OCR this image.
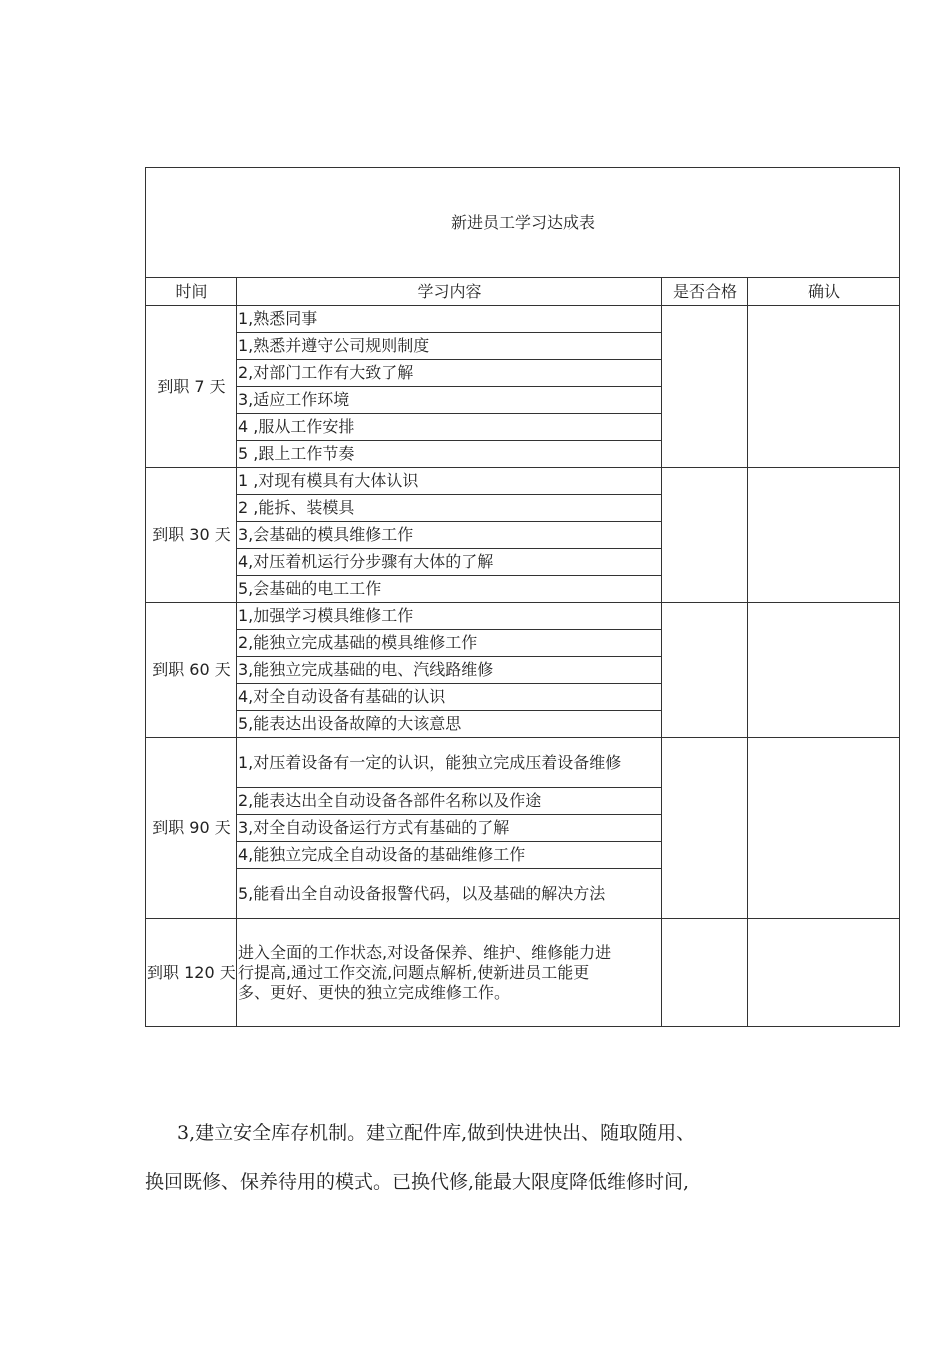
新进员工学习达成表			
时间	学习内容	是否合格	确认
到职 7 天	1,熟悉同事		
	1,熟悉并遵守公司规则制度		
	2,对部门工作有大致了解		
	3,适应工作环境		
	4 ,服从工作安排		
	5 ,跟上工作节奏		
到职 30 天	1 ,对现有模具有大体认识		
	2 ,能拆、装模具		
	3,会基础的模具维修工作		
	4,对压着机运行分步骤有大体的了解		
	5,会基础的电工工作		
到职 60 天	1,加强学习模具维修工作		
	2,能独立完成基础的模具维修工作		
	3,能独立完成基础的电、汽线路维修		
	4,对全自动设备有基础的认识		
	5,能表达出设备故障的大该意思		
到职 90 天	1,对压着设备有一定的认识，能独立完成压着设备维修		
	2,能表达出全自动设备各部件名称以及作途		
	3,对全自动设备运行方式有基础的了解		
	4,能独立完成全自动设备的基础维修工作		
	5,能看出全自动设备报警代码，以及基础的解决方法		
到职 120 天	进入全面的工作状态,对设备保养、维护、维修能力进行提高,通过工作交流,问题点解析,使新进员工能更多、更好、更快的独立完成维修工作。		
3,建立安全库存机制。建立配件库,做到快进快出、随取随用、
换回既修、保养待用的模式。已换代修,能最大限度降低维修时间,
